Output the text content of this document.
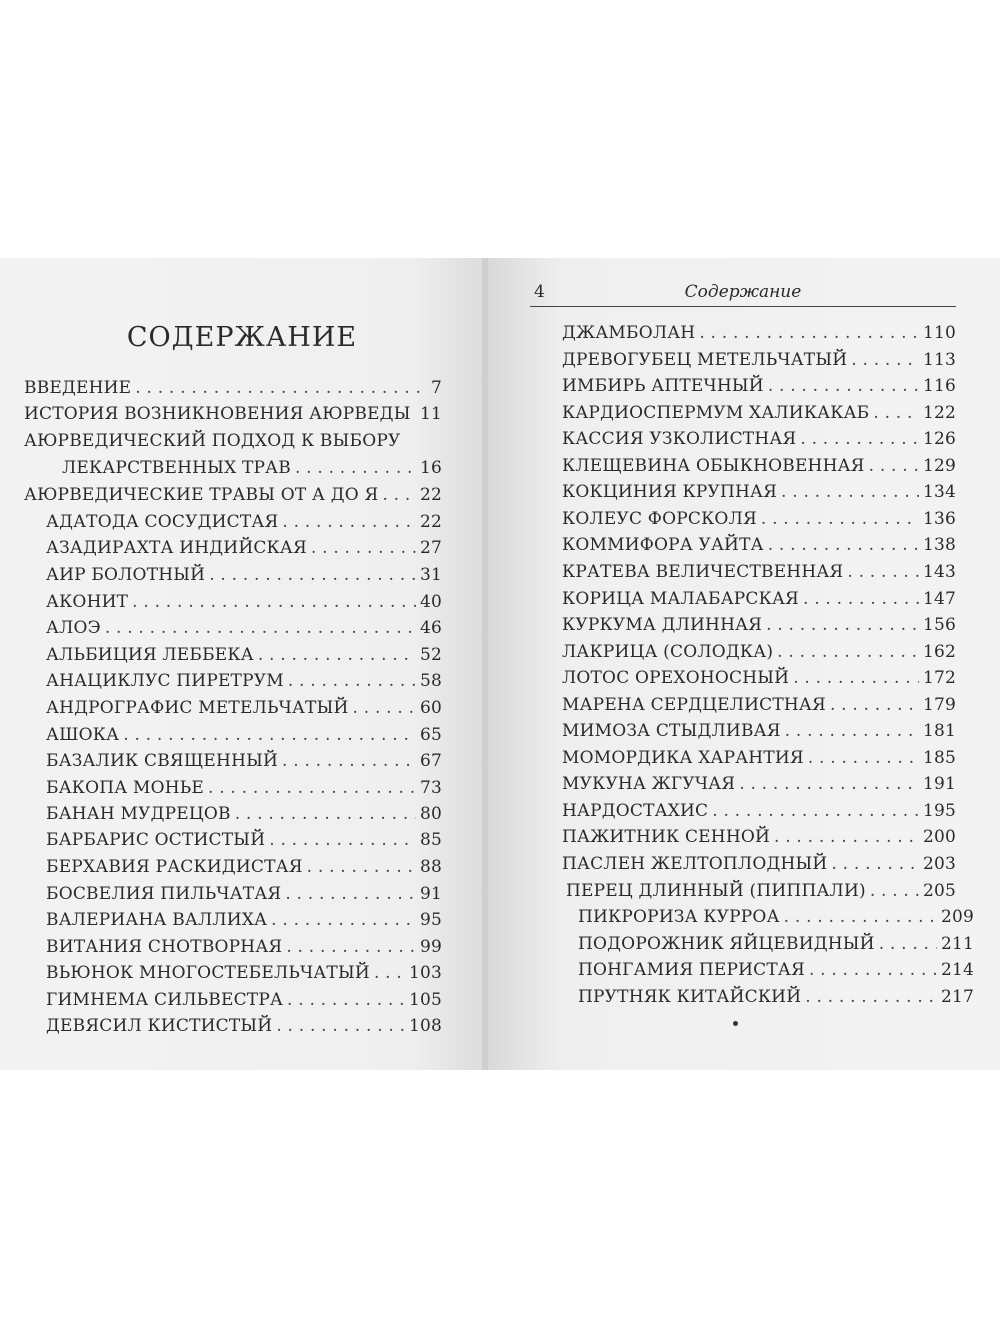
СОДЕРЖАНИЕ
4	Содержание
ВВЕДЕНИЕ . . .	7
ИСТОРИЯ ВОЗНИКНОВЕНИЯ АЮРВЕДЫ . . . 11
АЮРВЕДИЧЕСКИЙ ПОДХОД К ВЫБОРУ
ЛЕКАРСТВЕННЫХ ТРАВ . . .	16
АЮРВЕДИЧЕСКИЕ ТРАВЫ ОТ А ДО Я . . . 22
АДАТОДА СОСУДИСТАЯ . . .	22
АЗАДИРАХТА ИНДИЙСКАЯ . . .	27
АИР БОЛОТНЫЙ . . .	31
АКОНИТ . . .	40
АЛОЭ . . .	46
АЛЬБИЦИЯ ЛЕББЕКА . . .	52
АНАЦИКЛУС ПИРЕТРУМ . . .	58
АНДРОГРАФИС МЕТЕЛЬЧАТЫЙ . . .	60
АШОКА . . .	65
БАЗАЛИК СВЯЩЕННЫЙ . . .	67
БАКОПА МОНЬЕ . . .	73
БАНАН МУДРЕЦОВ . . .	80
БАРБАРИС ОСТИСТЫЙ . . .	85
БЕРХАВИЯ РАСКИДИСТАЯ . . .	88
БОСВЕЛИЯ ПИЛЬЧАТАЯ . . .	91
ВАЛЕРИАНА ВАЛЛИХА . . .	95
ВИТАНИЯ СНОТВОРНАЯ . . .	99
ВЬЮНОК МНОГОСТЕБЕЛЬЧАТЫЙ . . . 103
ГИМНЕМА СИЛЬВЕСТРА . . .	105
ДЕВЯСИЛ КИСТИСТЫЙ . . .	108
ДЖАМБОЛАН . . .	110
ДРЕВОГУБЕЦ МЕТЕЛЬЧАТЫЙ . . .	113
ИМБИРЬ АПТЕЧНЫЙ . . .	116
КАРДИОСПЕРМУМ ХАЛИКАКАБ . . .	122
КАССИЯ УЗКОЛИСТНАЯ . . .	126
КЛЕЩЕВИНА ОБЫКНОВЕННАЯ . . .	129
КОКЦИНИЯ КРУПНАЯ . . .	134
КОЛЕУС ФОРСКОЛЯ . . .	136
КОММИФОРА УАЙТА . . .	138
КРАТЕВА ВЕЛИЧЕСТВЕННАЯ . . .	143
КОРИЦА МАЛАБАРСКАЯ . . .	147
КУРКУМА ДЛИННАЯ . . .	156
ЛАКРИЦА (СОЛОДКА) . . .	162
ЛОТОС ОРЕХОНОСНЫЙ . . .	172
МАРЕНА СЕРДЦЕЛИСТНАЯ . . .	179
МИМОЗА СТЫДЛИВАЯ . . .	181
МОМОРДИКА ХАРАНТИЯ . . .	185
МУКУНА ЖГУЧАЯ . . .	191
НАРДОСТАХИС . . .	195
ПАЖИТНИК СЕННОЙ . . .	200
ПАСЛЕН ЖЕЛТОПЛОДНЫЙ . . .	203
ПЕРЕЦ ДЛИННЫЙ (ПИППАЛИ) . . .	205
ПИКРОРИЗА КУРРОА . . .	209
ПОДОРОЖНИК ЯЙЦЕВИДНЫЙ . . .	211
ПОНГАМИЯ ПЕРИСТАЯ . . .	214
ПРУТНЯК КИТАЙСКИЙ . . .	217
